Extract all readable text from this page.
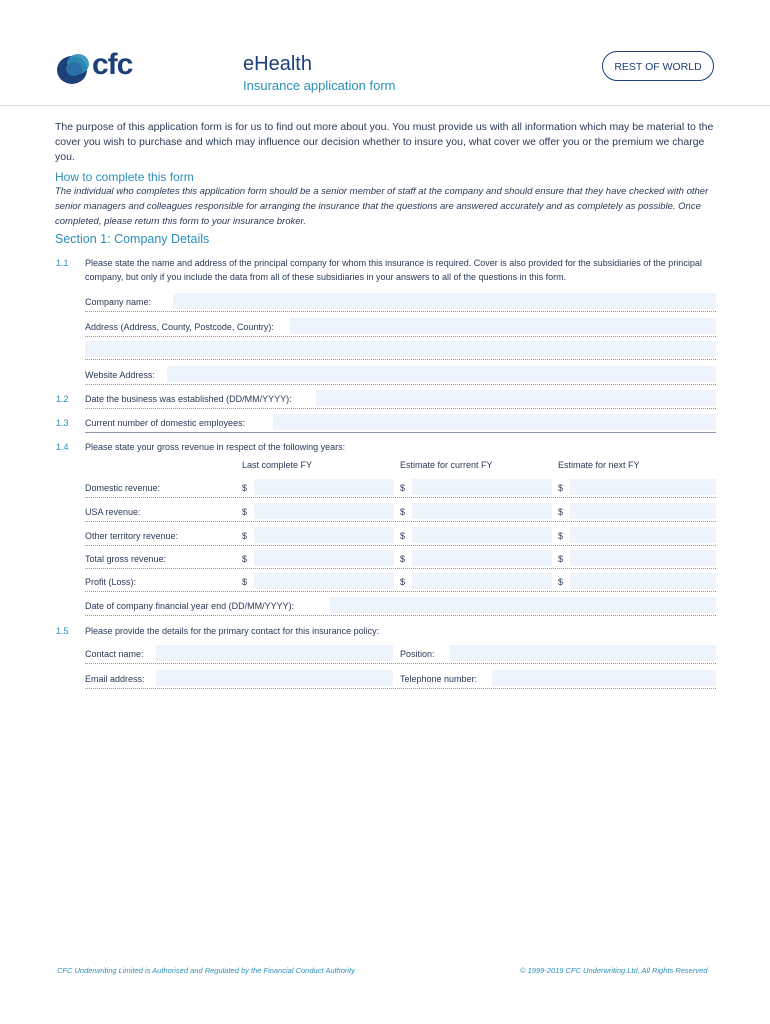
cfc	eHealth
Insurance application form
REST OF WORLD
The purpose of this application form is for us to find out more about you. You must provide us with all information which may be material to the cover you wish to purchase and which may influence our decision whether to insure you, what cover we offer you or the premium we charge you.
How to complete this form
The individual who completes this application form should be a senior member of staff at the company and should ensure that they have checked with other senior managers and colleagues responsible for arranging the insurance that the questions are answered accurately and as completely as possible. Once completed, please return this form to your insurance broker.
Section 1: Company Details
1.1 Please state the name and address of the principal company for whom this insurance is required. Cover is also provided for the subsidiaries of the principal company, but only if you include the data from all of these subsidiaries in your answers to all of the questions in this form.
Company name:
Address (Address, County, Postcode, Country):
Website Address:
1.2 Date the business was established (DD/MM/YYYY):
1.3 Current number of domestic employees:
1.4 Please state your gross revenue in respect of the following years:
Last complete FY	Estimate for current FY	Estimate for next FY
Domestic revenue:	$	$	$
USA revenue:	$	$	$
Other territory revenue:	$	$	$
Total gross revenue:	$	$	$
Profit (Loss):	$	$	$
Date of company financial year end (DD/MM/YYYY):
1.5 Please provide the details for the primary contact for this insurance policy:
Contact name:	Position:
Email address:	Telephone number:
CFC Underwriting Limited is Authorised and Regulated by the Financial Conduct Authority	© 1999-2019 CFC Underwriting Ltd, All Rights Reserved
